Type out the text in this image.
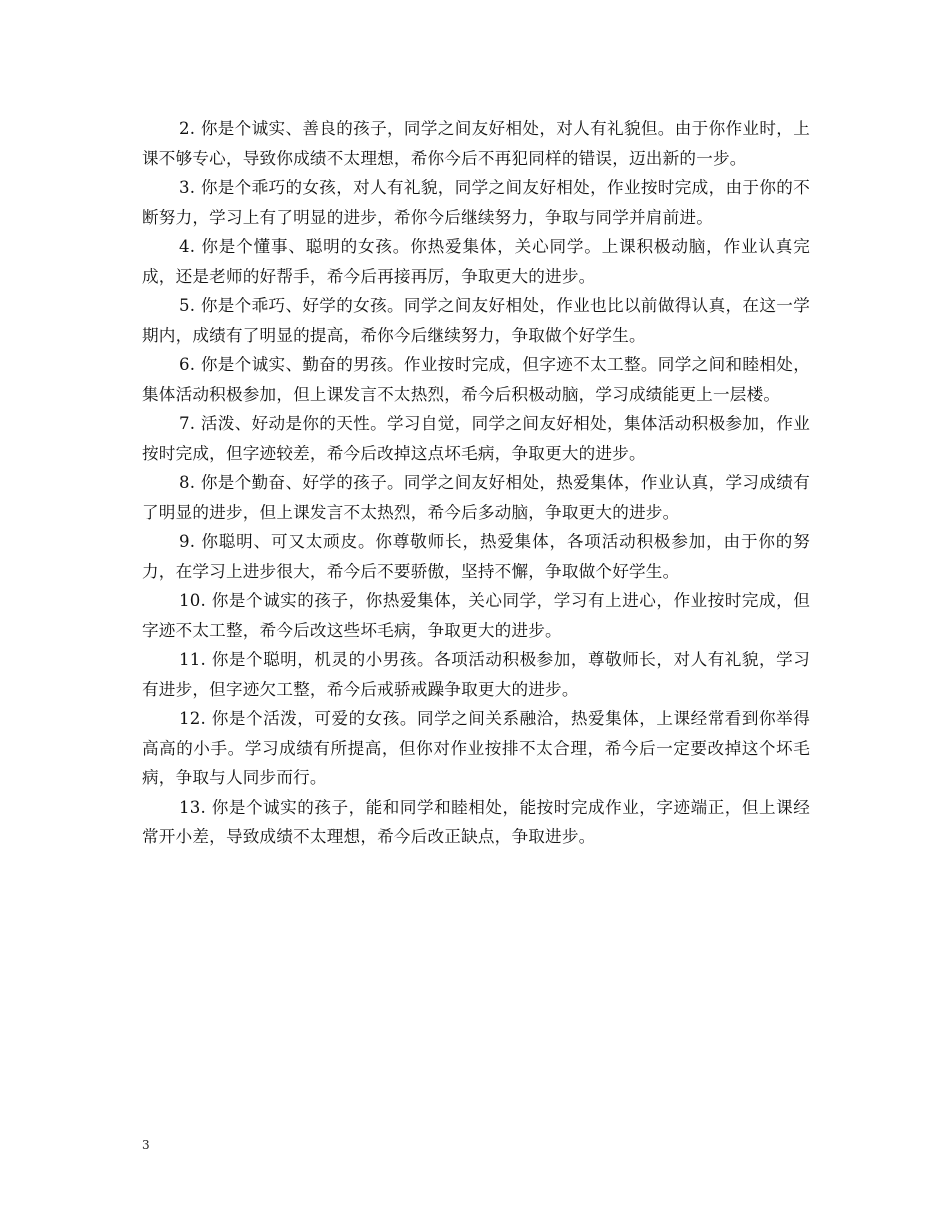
2. 你是个诚实、善良的孩子，同学之间友好相处，对人有礼貌但。由于你作业时，上课不够专心，导致你成绩不太理想，希你今后不再犯同样的错误，迈出新的一步。

3. 你是个乖巧的女孩，对人有礼貌，同学之间友好相处，作业按时完成，由于你的不断努力，学习上有了明显的进步，希你今后继续努力，争取与同学并肩前进。

4. 你是个懂事、聪明的女孩。你热爱集体，关心同学。上课积极动脑，作业认真完成，还是老师的好帮手，希今后再接再厉，争取更大的进步。

5. 你是个乖巧、好学的女孩。同学之间友好相处，作业也比以前做得认真，在这一学期内，成绩有了明显的提高，希你今后继续努力，争取做个好学生。

6. 你是个诚实、勤奋的男孩。作业按时完成，但字迹不太工整。同学之间和睦相处，集体活动积极参加，但上课发言不太热烈，希今后积极动脑，学习成绩能更上一层楼。

7. 活泼、好动是你的天性。学习自觉，同学之间友好相处，集体活动积极参加，作业按时完成，但字迹较差，希今后改掉这点坏毛病，争取更大的进步。

8. 你是个勤奋、好学的孩子。同学之间友好相处，热爱集体，作业认真，学习成绩有了明显的进步，但上课发言不太热烈，希今后多动脑，争取更大的进步。

9. 你聪明、可又太顽皮。你尊敬师长，热爱集体，各项活动积极参加，由于你的努力，在学习上进步很大，希今后不要骄傲，坚持不懈，争取做个好学生。

10. 你是个诚实的孩子，你热爱集体，关心同学，学习有上进心，作业按时完成，但字迹不太工整，希今后改这些坏毛病，争取更大的进步。

11. 你是个聪明，机灵的小男孩。各项活动积极参加，尊敬师长，对人有礼貌，学习有进步，但字迹欠工整，希今后戒骄戒躁争取更大的进步。

12. 你是个活泼，可爱的女孩。同学之间关系融洽，热爱集体，上课经常看到你举得高高的小手。学习成绩有所提高，但你对作业按排不太合理，希今后一定要改掉这个坏毛病，争取与人同步而行。

13. 你是个诚实的孩子，能和同学和睦相处，能按时完成作业，字迹端正，但上课经常开小差，导致成绩不太理想，希今后改正缺点，争取进步。

3
